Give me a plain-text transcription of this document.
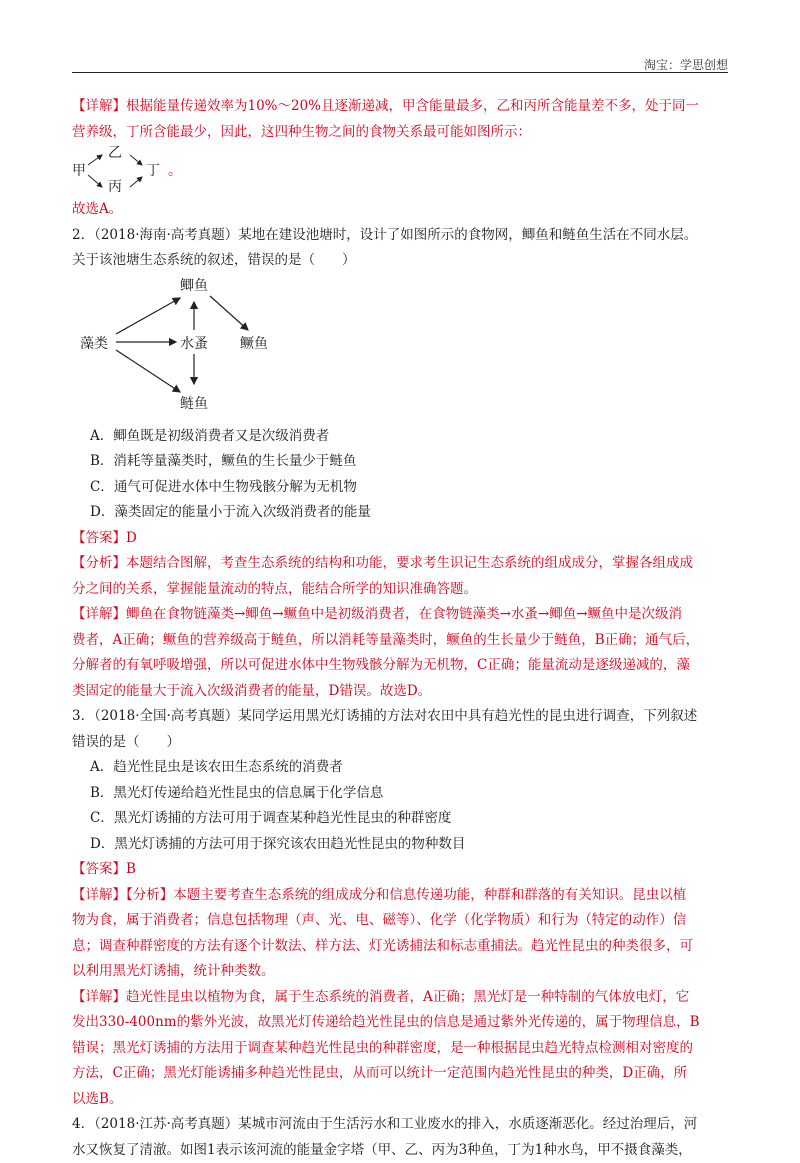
淘宝：学思创想

【详解】根据能量传递效率为10%～20%且逐渐递减，甲含能量最多，乙和丙所含能量差不多，处于同一

营养级，丁所含能最少，因此，这四种生物之间的食物关系最可能如图所示：

甲
乙
丙
丁 。

故选A。

2．（2018·海南·高考真题）某地在建设池塘时，设计了如图所示的食物网，鲫鱼和鲢鱼生活在不同水层。

关于该池塘生态系统的叙述，错误的是（　　）

藻类
鲫鱼
水蚤 鳜鱼
鲢鱼

A．鲫鱼既是初级消费者又是次级消费者

B．消耗等量藻类时，鳜鱼的生长量少于鲢鱼

C．通气可促进水体中生物残骸分解为无机物

D．藻类固定的能量小于流入次级消费者的能量

【答案】D

【分析】本题结合图解，考查生态系统的结构和功能，要求考生识记生态系统的组成成分，掌握各组成成

分之间的关系，掌握能量流动的特点，能结合所学的知识准确答题。

【详解】鲫鱼在食物链藻类→鲫鱼→鳜鱼中是初级消费者，在食物链藻类→水蚤→鲫鱼→鳜鱼中是次级消

费者，A正确；鳜鱼的营养级高于鲢鱼，所以消耗等量藻类时，鳜鱼的生长量少于鲢鱼，B正确；通气后，

分解者的有氧呼吸增强，所以可促进水体中生物残骸分解为无机物，C正确；能量流动是逐级递减的，藻

类固定的能量大于流入次级消费者的能量，D错误。故选D。

3．（2018·全国·高考真题）某同学运用黑光灯诱捕的方法对农田中具有趋光性的昆虫进行调查，下列叙述

错误的是（　　）

A．趋光性昆虫是该农田生态系统的消费者

B．黑光灯传递给趋光性昆虫的信息属于化学信息

C．黑光灯诱捕的方法可用于调查某种趋光性昆虫的种群密度

D．黑光灯诱捕的方法可用于探究该农田趋光性昆虫的物种数目

【答案】B

【详解】【分析】本题主要考查生态系统的组成成分和信息传递功能，种群和群落的有关知识。昆虫以植

物为食，属于消费者；信息包括物理（声、光、电、磁等）、化学（化学物质）和行为（特定的动作）信

息；调查种群密度的方法有逐个计数法、样方法、灯光诱捕法和标志重捕法。趋光性昆虫的种类很多，可

以利用黑光灯诱捕，统计种类数。

【详解】趋光性昆虫以植物为食，属于生态系统的消费者，A正确；黑光灯是一种特制的气体放电灯，它

发出330-400nm的紫外光波，故黑光灯传递给趋光性昆虫的信息是通过紫外光传递的，属于物理信息，B

错误；黑光灯诱捕的方法用于调查某种趋光性昆虫的种群密度，是一种根据昆虫趋光特点检测相对密度的

方法，C正确；黑光灯能诱捕多种趋光性昆虫，从而可以统计一定范围内趋光性昆虫的种类，D正确，所

以选B。

4．（2018·江苏·高考真题）某城市河流由于生活污水和工业废水的排入，水质逐渐恶化。经过治理后，河

水又恢复了清澈。如图1表示该河流的能量金字塔（甲、乙、丙为3种鱼，丁为1种水鸟，甲不摄食藻类，
